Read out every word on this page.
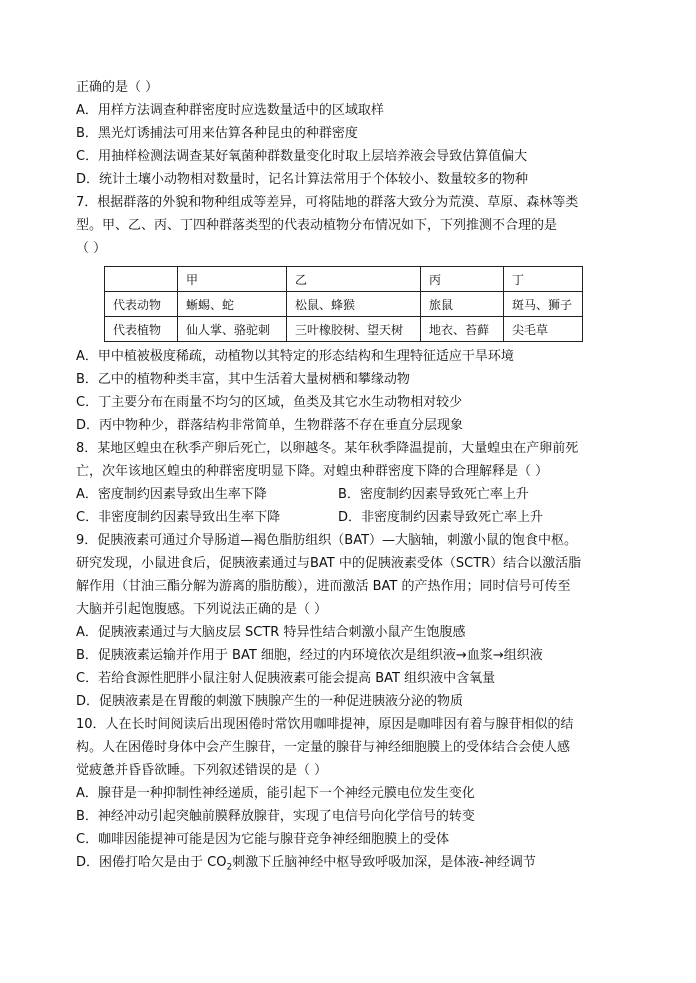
正确的是（ ）
A．用样方法调查种群密度时应选数量适中的区域取样
B．黑光灯诱捕法可用来估算各种昆虫的种群密度
C．用抽样检测法调查某好氧菌种群数量变化时取上层培养液会导致估算值偏大
D．统计土壤小动物相对数量时，记名计算法常用于个体较小、数量较多的物种
7．根据群落的外貌和物种组成等差异，可将陆地的群落大致分为荒漠、草原、森林等类
型。甲、乙、丙、丁四种群落类型的代表动植物分布情况如下，下列推测不合理的是
（ ）
	甲	乙	丙	丁
代表动物	蜥蜴、蛇	松鼠、蜂猴	旅鼠	斑马、狮子
代表植物	仙人掌、骆驼刺	三叶橡胶树、望天树	地衣、苔藓	尖毛草
A．甲中植被极度稀疏，动植物以其特定的形态结构和生理特征适应干旱环境
B．乙中的植物种类丰富，其中生活着大量树栖和攀缘动物
C．丁主要分布在雨量不均匀的区域，鱼类及其它水生动物相对较少
D．丙中物种少，群落结构非常简单，生物群落不存在垂直分层现象
8．某地区蝗虫在秋季产卵后死亡，以卵越冬。某年秋季降温提前，大量蝗虫在产卵前死
亡，次年该地区蝗虫的种群密度明显下降。对蝗虫种群密度下降的合理解释是（ ）
A．密度制约因素导致出生率下降	B．密度制约因素导致死亡率上升
C．非密度制约因素导致出生率下降	D．非密度制约因素导致死亡率上升
9．促胰液素可通过介导肠道—褐色脂肪组织（BAT）—大脑轴，刺激小鼠的饱食中枢。
研究发现，小鼠进食后，促胰液素通过与BAT 中的促胰液素受体（SCTR）结合以激活脂
解作用（甘油三酯分解为游离的脂肪酸），进而激活 BAT 的产热作用；同时信号可传至
大脑并引起饱腹感。下列说法正确的是（ ）
A．促胰液素通过与大脑皮层 SCTR 特异性结合刺激小鼠产生饱腹感
B．促胰液素运输并作用于 BAT 细胞，经过的内环境依次是组织液→血浆→组织液
C．若给食源性肥胖小鼠注射人促胰液素可能会提高 BAT 组织液中含氧量
D．促胰液素是在胃酸的刺激下胰腺产生的一种促进胰液分泌的物质
10．人在长时间阅读后出现困倦时常饮用咖啡提神，原因是咖啡因有着与腺苷相似的结
构。人在困倦时身体中会产生腺苷，一定量的腺苷与神经细胞膜上的受体结合会使人感
觉疲惫并昏昏欲睡。下列叙述错误的是（ ）
A．腺苷是一种抑制性神经递质，能引起下一个神经元膜电位发生变化
B．神经冲动引起突触前膜释放腺苷，实现了电信号向化学信号的转变
C．咖啡因能提神可能是因为它能与腺苷竞争神经细胞膜上的受体
D．困倦打哈欠是由于 $CO_2$刺激下丘脑神经中枢导致呼吸加深，是体液-神经调节
